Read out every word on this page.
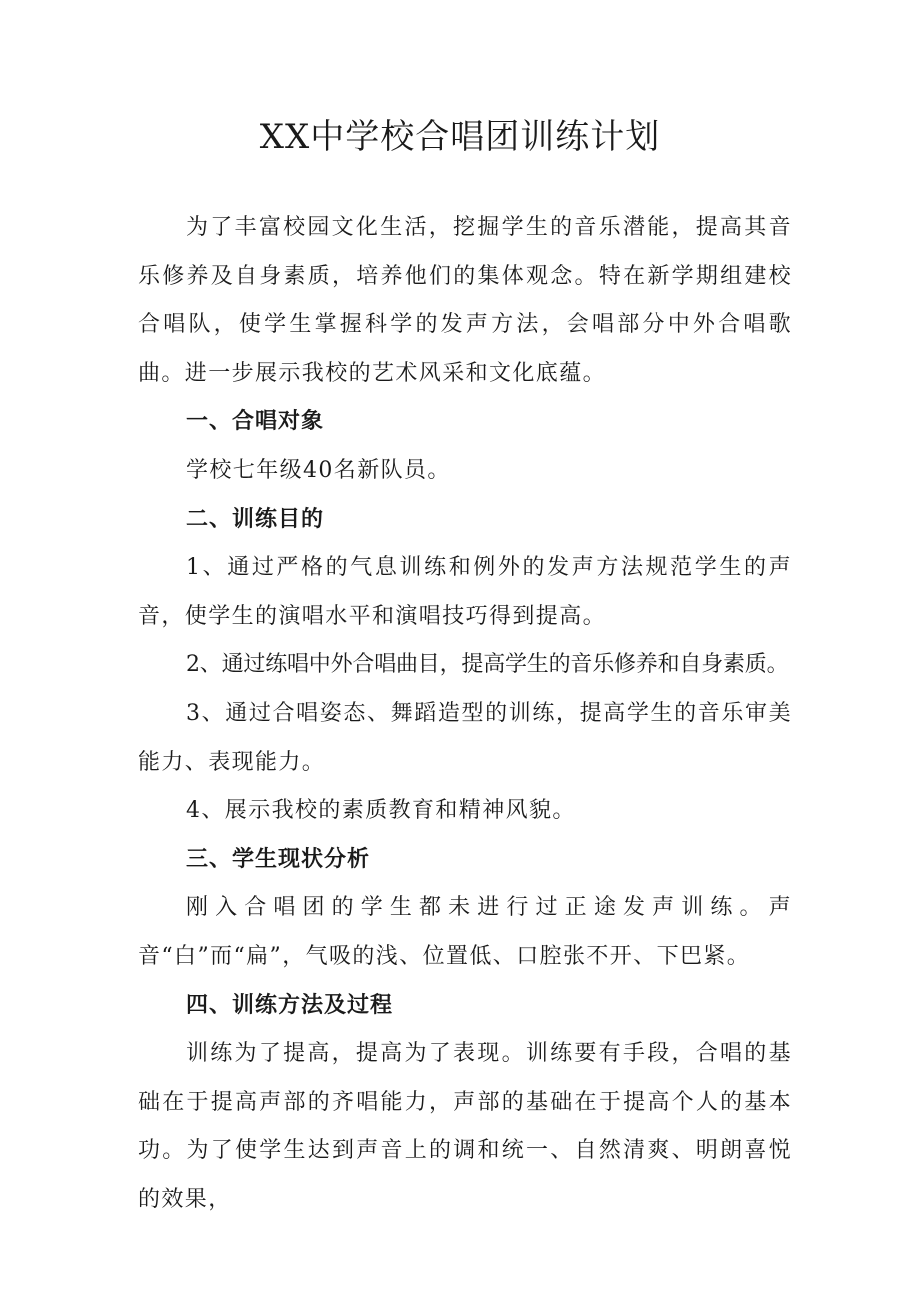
XX中学校合唱团训练计划

为了丰富校园文化生活，挖掘学生的音乐潜能，提高其音乐修养及自身素质，培养他们的集体观念。特在新学期组建校合唱队，使学生掌握科学的发声方法，会唱部分中外合唱歌曲。进一步展示我校的艺术风采和文化底蕴。

一、合唱对象

学校七年级40名新队员。

二、训练目的

1、通过严格的气息训练和例外的发声方法规范学生的声音，使学生的演唱水平和演唱技巧得到提高。

2、通过练唱中外合唱曲目，提高学生的音乐修养和自身素质。

3、通过合唱姿态、舞蹈造型的训练，提高学生的音乐审美能力、表现能力。

4、展示我校的素质教育和精神风貌。

三、学生现状分析

刚入合唱团的学生都未进行过正途发声训练。声音“白”而“扁”，气吸的浅、位置低、口腔张不开、下巴紧。

四、训练方法及过程

训练为了提高，提高为了表现。训练要有手段，合唱的基础在于提高声部的齐唱能力，声部的基础在于提高个人的基本功。为了使学生达到声音上的调和统一、自然清爽、明朗喜悦的效果，
